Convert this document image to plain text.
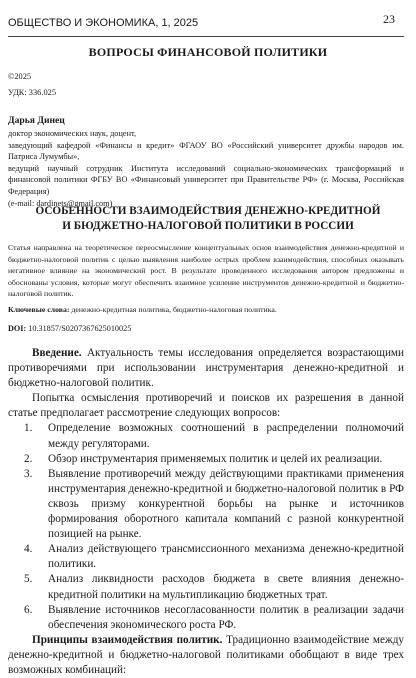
ОБЩЕСТВО И ЭКОНОМИКА, 1, 2025	23
ВОПРОСЫ ФИНАНСОВОЙ ПОЛИТИКИ
©2025
УДК: 336.025
Дарья Динец

доктор экономических наук, доцент,

заведующий кафедрой «Финансы и кредит» ФГАОУ ВО «Российский университет дружбы народов им. Патриса Лумумбы»,

ведущий научный сотрудник Института исследований социально-экономических трансформаций и финансовой политики ФГБУ ВО «Финансовый университет при Правительстве РФ» (г. Москва, Российская Федерация)

(e-mail: dardinets@gmail.com)

ОСОБЕННОСТИ ВЗАИМОДЕЙСТВИЯ ДЕНЕЖНО-КРЕДИТНОЙ
И БЮДЖЕТНО-НАЛОГОВОЙ ПОЛИТИКИ В РОССИИ
Статья направлена на теоретическое переосмысление концептуальных основ взаимодействия денежно-кредитной и бюджетно-налоговой политик с целью выявления наиболее острых проблем взаимодействия, способных оказывать негативное влияние на экономический рост. В результате проведенного исследования автором предложены и обоснованы условия, которые могут обеспечить взаимное усиление инструментов денежно-кредитной и бюджетно-налоговой политик.
Ключевые слова: денежно-кредитная политика, бюджетно-налоговая политика.
DOI: 10.31857/S0207367625010025

Введение. Актуальность темы исследования определяется возрастающими противоречиями при использовании инструментария денежно-кредитной и бюджетно-налоговой политик.

Попытка осмысления противоречий и поисков их разрешения в данной статье предполагает рассмотрение следующих вопросов:

1. Определение возможных соотношений в распределении полномочий между регуляторами.
2. Обзор инструментария применяемых политик и целей их реализации.
3. Выявление противоречий между действующими практиками применения инструментария денежно-кредитной и бюджетно-налоговой политик в РФ сквозь призму конкурентной борьбы на рынке и источников формирования оборотного капитала компаний с разной конкурентной позицией на рынке.
4. Анализ действующего трансмиссионного механизма денежно-кредитной политики.
5. Анализ ликвидности расходов бюджета в свете влияния денежно-кредитной политики на мультипликацию бюджетных трат.
6. Выявление источников несогласованности политик в реализации задачи обеспечения экономического роста РФ.

Принципы взаимодействия политик. Традиционно взаимодействие между денежно-кредитной и бюджетно-налоговой политиками обобщают в виде трех возможных комбинаций:
